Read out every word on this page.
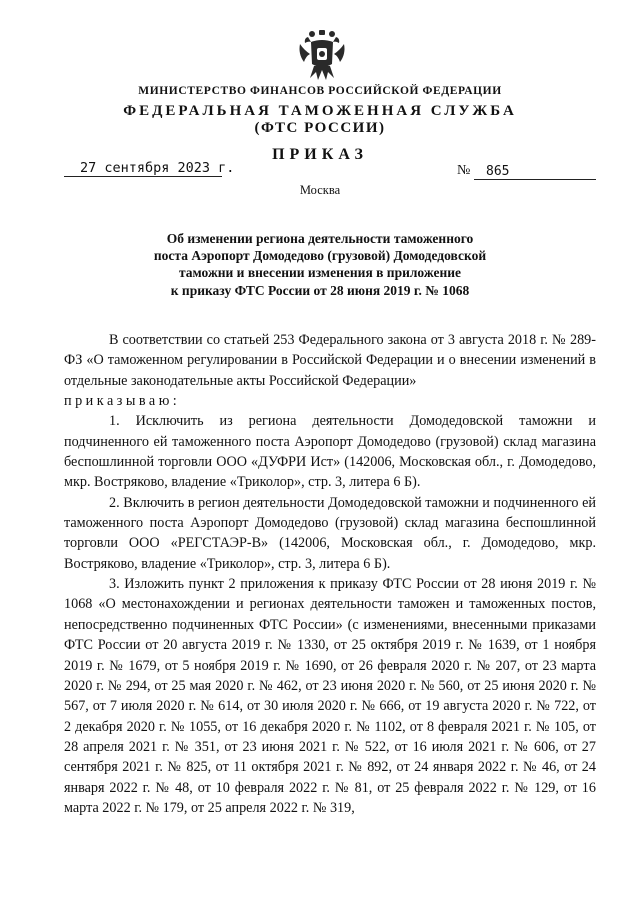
МИНИСТЕРСТВО ФИНАНСОВ РОССИЙСКОЙ ФЕДЕРАЦИИ
ФЕДЕРАЛЬНАЯ ТАМОЖЕННАЯ СЛУЖБА
(ФТС РОССИИ)
ПРИКАЗ
27 сентября 2023 г.	№	865
Москва
Об изменении региона деятельности таможенного
поста Аэропорт Домодедово (грузовой) Домодедовской
таможни и внесении изменения в приложение
к приказу ФТС России от 28 июня 2019 г. № 1068

В соответствии со статьей 253 Федерального закона от 3 августа 2018 г. № 289-ФЗ «О таможенном регулировании в Российской Федерации и о внесении изменений в отдельные законодательные акты Российской Федерации»
приказываю:

1. Исключить из региона деятельности Домодедовской таможни и подчиненного ей таможенного поста Аэропорт Домодедово (грузовой) склад магазина беспошлинной торговли ООО «ДУФРИ Ист» (142006, Московская обл., г. Домодедово, мкр. Востряково, владение «Триколор», стр. 3, литера 6 Б).

2. Включить в регион деятельности Домодедовской таможни и подчиненного ей таможенного поста Аэропорт Домодедово (грузовой) склад магазина беспошлинной торговли ООО «РЕГСТАЭР-В» (142006, Московская обл., г. Домодедово, мкр. Востряково, владение «Триколор», стр. 3, литера 6 Б).

3. Изложить пункт 2 приложения к приказу ФТС России от 28 июня 2019 г. № 1068 «О местонахождении и регионах деятельности таможен и таможенных постов, непосредственно подчиненных ФТС России» (с изменениями, внесенными приказами ФТС России от 20 августа 2019 г. № 1330, от 25 октября 2019 г. № 1639, от 1 ноября 2019 г. № 1679, от 5 ноября 2019 г. № 1690, от 26 февраля 2020 г. № 207, от 23 марта 2020 г. № 294, от 25 мая 2020 г. № 462, от 23 июня 2020 г. № 560, от 25 июня 2020 г. № 567, от 7 июля 2020 г. № 614, от 30 июля 2020 г. № 666, от 19 августа 2020 г. № 722, от 2 декабря 2020 г. № 1055, от 16 декабря 2020 г. № 1102, от 8 февраля 2021 г. № 105, от 28 апреля 2021 г. № 351, от 23 июня 2021 г. № 522, от 16 июля 2021 г. № 606, от 27 сентября 2021 г. № 825, от 11 октября 2021 г. № 892, от 24 января 2022 г. № 46, от 24 января 2022 г. № 48, от 10 февраля 2022 г. № 81, от 25 февраля 2022 г. № 129, от 16 марта 2022 г. № 179, от 25 апреля 2022 г. № 319,
